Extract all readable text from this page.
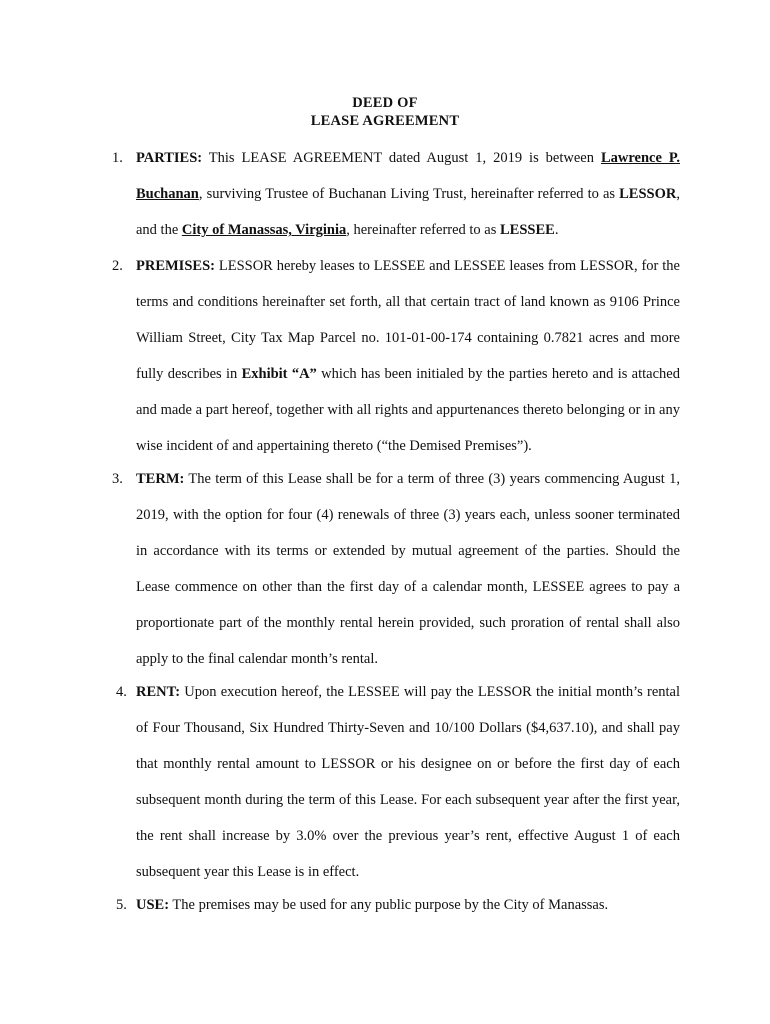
DEED OF
LEASE AGREEMENT
1. PARTIES: This LEASE AGREEMENT dated August 1, 2019 is between Lawrence P. Buchanan, surviving Trustee of Buchanan Living Trust, hereinafter referred to as LESSOR, and the City of Manassas, Virginia, hereinafter referred to as LESSEE.
2. PREMISES: LESSOR hereby leases to LESSEE and LESSEE leases from LESSOR, for the terms and conditions hereinafter set forth, all that certain tract of land known as 9106 Prince William Street, City Tax Map Parcel no. 101-01-00-174 containing 0.7821 acres and more fully describes in Exhibit “A” which has been initialed by the parties hereto and is attached and made a part hereof, together with all rights and appurtenances thereto belonging or in any wise incident of and appertaining thereto (“the Demised Premises”).
3. TERM: The term of this Lease shall be for a term of three (3) years commencing August 1, 2019, with the option for four (4) renewals of three (3) years each, unless sooner terminated in accordance with its terms or extended by mutual agreement of the parties. Should the Lease commence on other than the first day of a calendar month, LESSEE agrees to pay a proportionate part of the monthly rental herein provided, such proration of rental shall also apply to the final calendar month’s rental.
4. RENT: Upon execution hereof, the LESSEE will pay the LESSOR the initial month’s rental of Four Thousand, Six Hundred Thirty-Seven and 10/100 Dollars ($4,637.10), and shall pay that monthly rental amount to LESSOR or his designee on or before the first day of each subsequent month during the term of this Lease. For each subsequent year after the first year, the rent shall increase by 3.0% over the previous year’s rent, effective August 1 of each subsequent year this Lease is in effect.
5. USE: The premises may be used for any public purpose by the City of Manassas.
